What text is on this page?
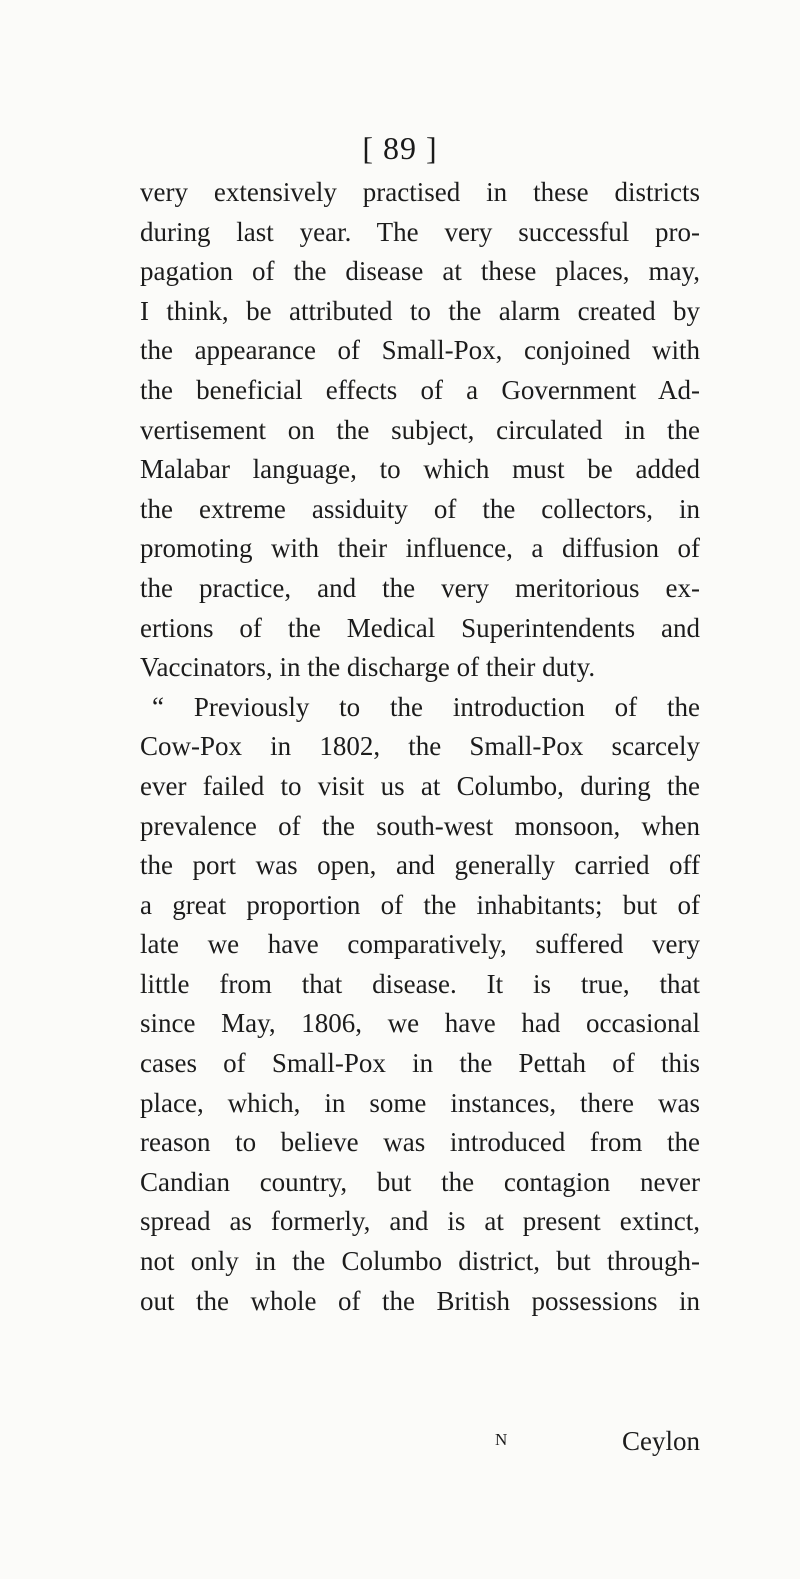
[ 89 ]
very extensively practised in these districts
during last year. The very successful pro-
pagation of the disease at these places, may,
I think, be attributed to the alarm created by
the appearance of Small-Pox, conjoined with
the beneficial effects of a Government Ad-
vertisement on the subject, circulated in the
Malabar language, to which must be added
the extreme assiduity of the collectors, in
promoting with their influence, a diffusion of
the practice, and the very meritorious ex-
ertions of the Medical Superintendents and
Vaccinators, in the discharge of their duty.
“ Previously to the introduction of the
Cow-Pox in 1802, the Small-Pox scarcely
ever failed to visit us at Columbo, during the
prevalence of the south-west monsoon, when
the port was open, and generally carried off
a great proportion of the inhabitants; but of
late we have comparatively, suffered very
little from that disease. It is true, that
since May, 1806, we have had occasional
cases of Small-Pox in the Pettah of this
place, which, in some instances, there was
reason to believe was introduced from the
Candian country, but the contagion never
spread as formerly, and is at present extinct,
not only in the Columbo district, but through-
out the whole of the British possessions in
N	Ceylon
